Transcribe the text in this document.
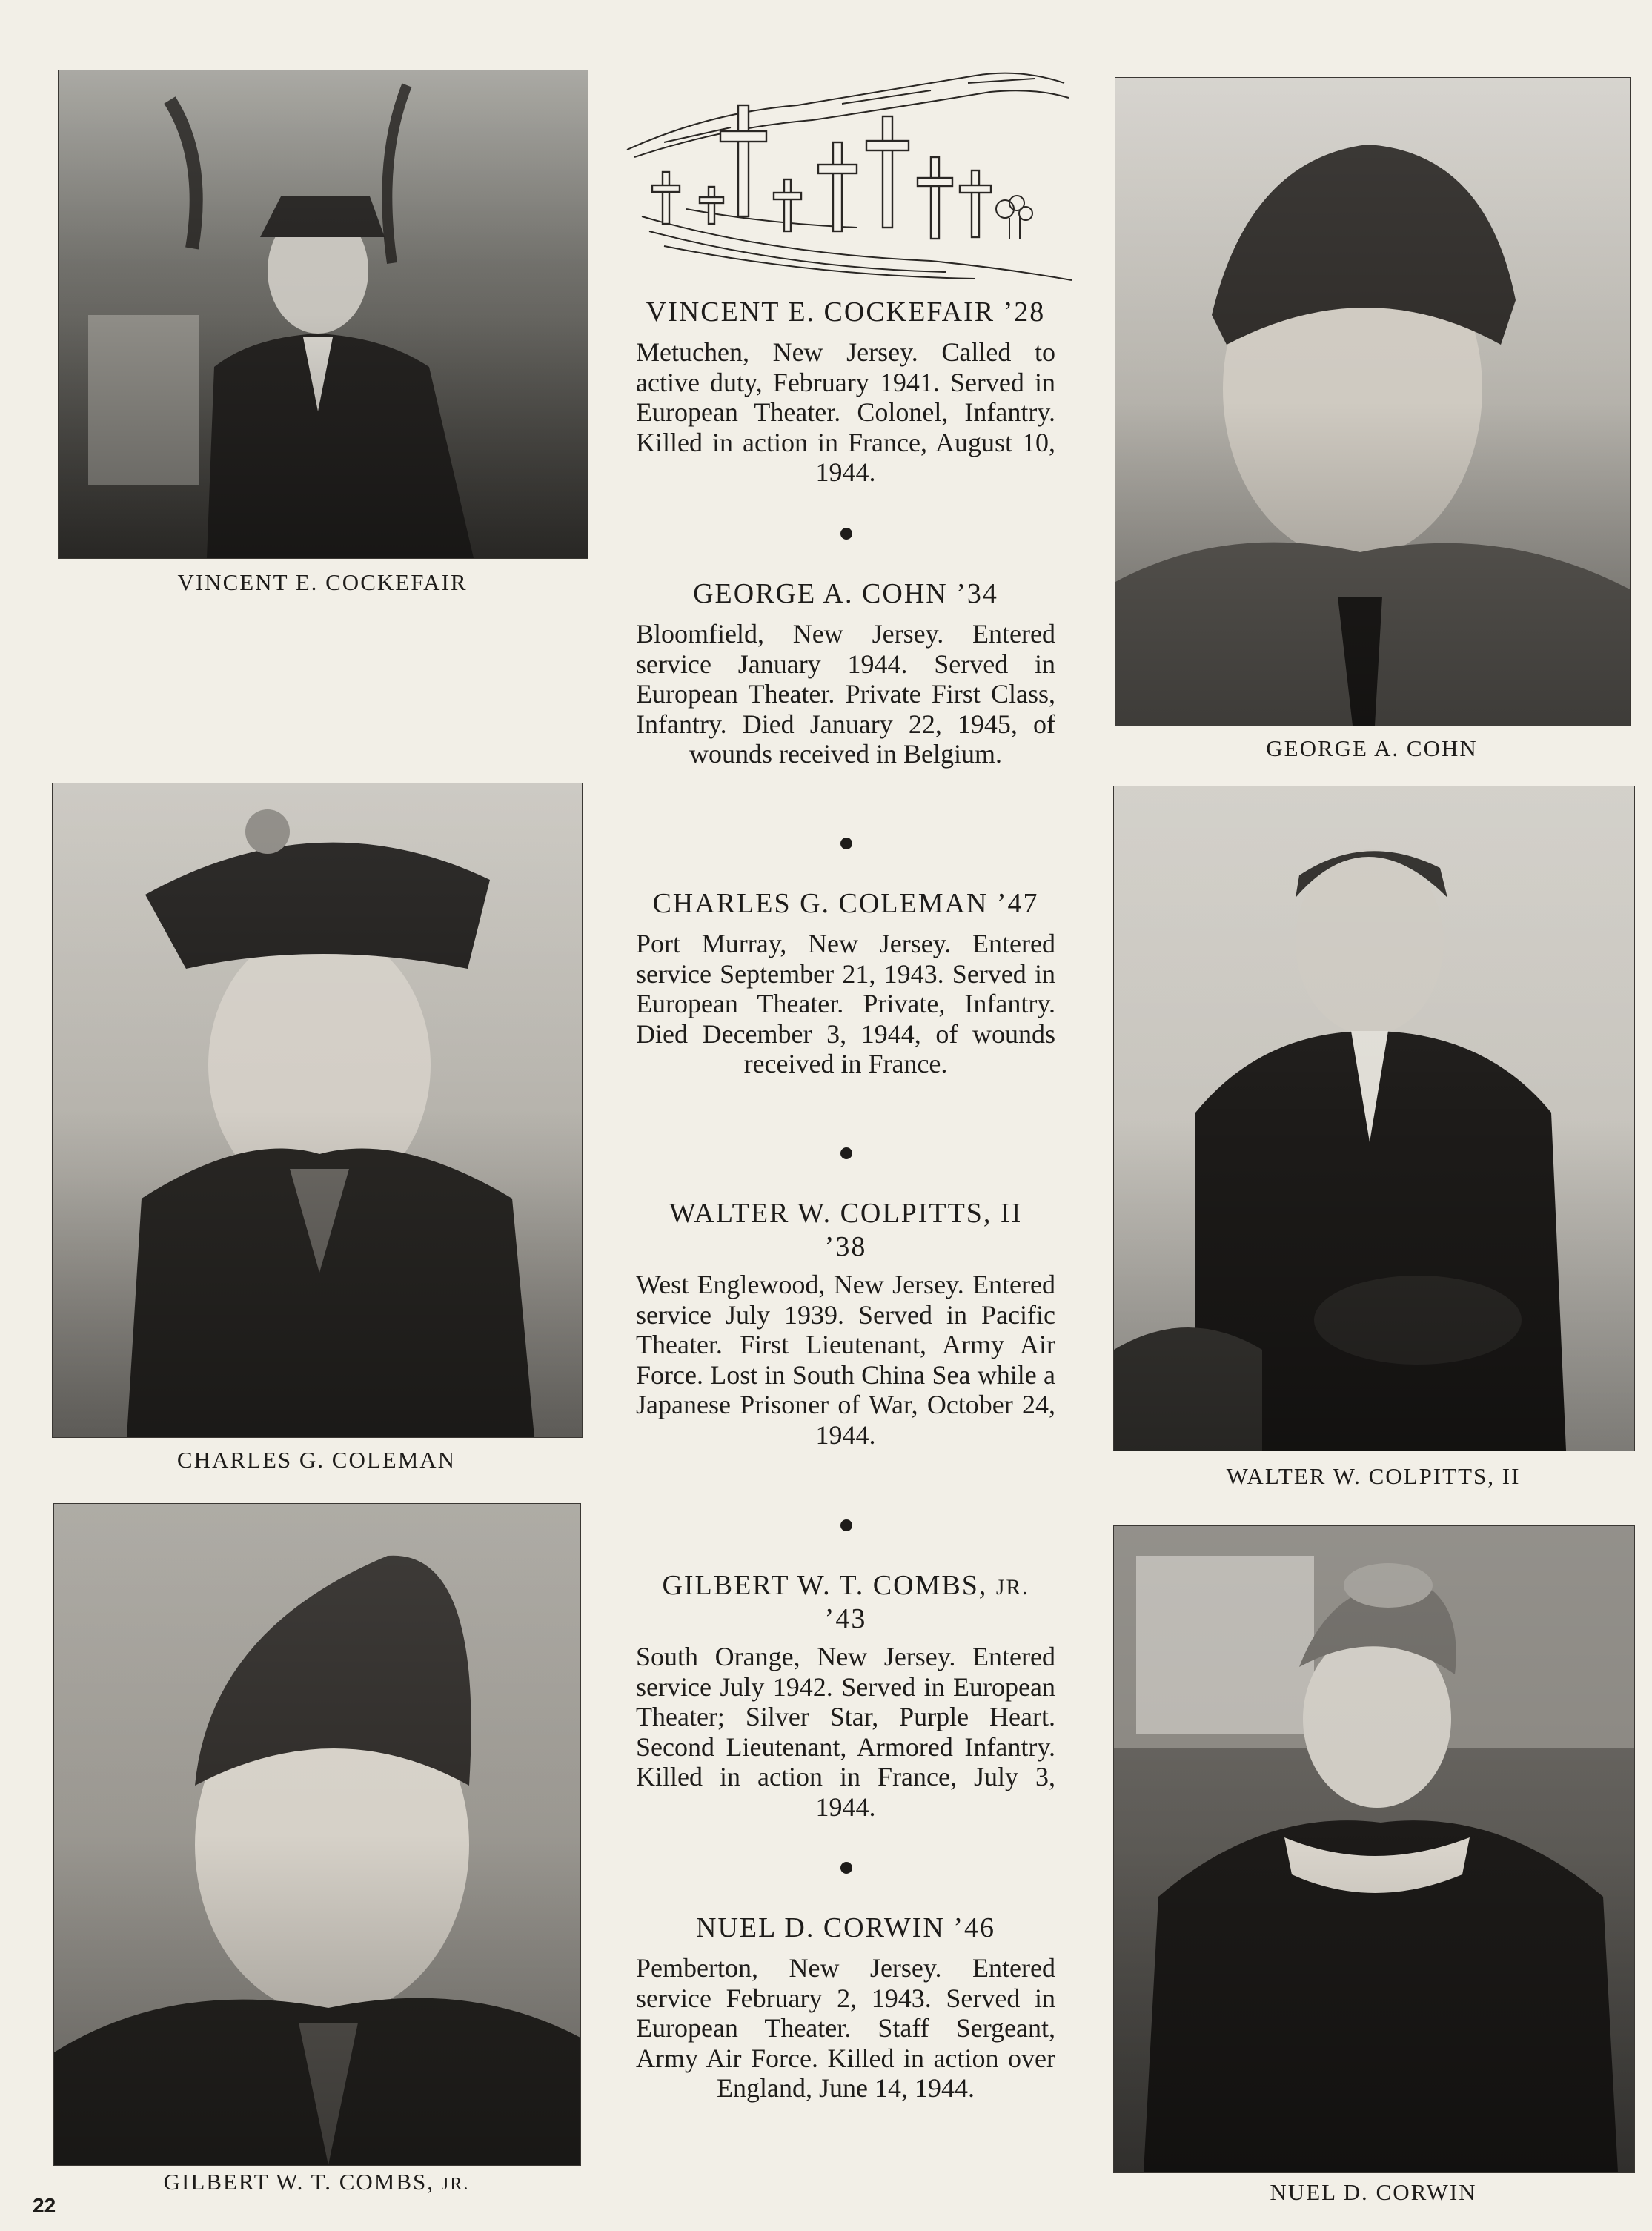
VINCENT E. COCKEFAIR
GEORGE A. COHN
CHARLES G. COLEMAN
WALTER W. COLPITTS, II
GILBERT W. T. COMBS, JR.	NUEL D. CORWIN
VINCENT E. COCKEFAIR ’28

Metuchen, New Jersey. Called to active duty, February 1941. Served in European Theater. Colonel, Infantry. Killed in action in France, August 10, 1944.

GEORGE A. COHN ’34

Bloomfield, New Jersey. Entered service January 1944. Served in European Theater. Private First Class, Infantry. Died January 22, 1945, of wounds received in Belgium.

CHARLES G. COLEMAN ’47

Port Murray, New Jersey. Entered service September 21, 1943. Served in European Theater. Private, Infantry. Died December 3, 1944, of wounds received in France.

WALTER W. COLPITTS, II ’38

West Englewood, New Jersey. Entered service July 1939. Served in Pacific Theater. First Lieutenant, Army Air Force. Lost in South China Sea while a Japanese Prisoner of War, October 24, 1944.

GILBERT W. T. COMBS, JR. ’43

South Orange, New Jersey. Entered service July 1942. Served in European Theater; Silver Star, Purple Heart. Second Lieutenant, Armored Infantry. Killed in action in France, July 3, 1944.

NUEL D. CORWIN ’46

Pemberton, New Jersey. Entered service February 2, 1943. Served in European Theater. Staff Sergeant, Army Air Force. Killed in action over England, June 14, 1944.

22
